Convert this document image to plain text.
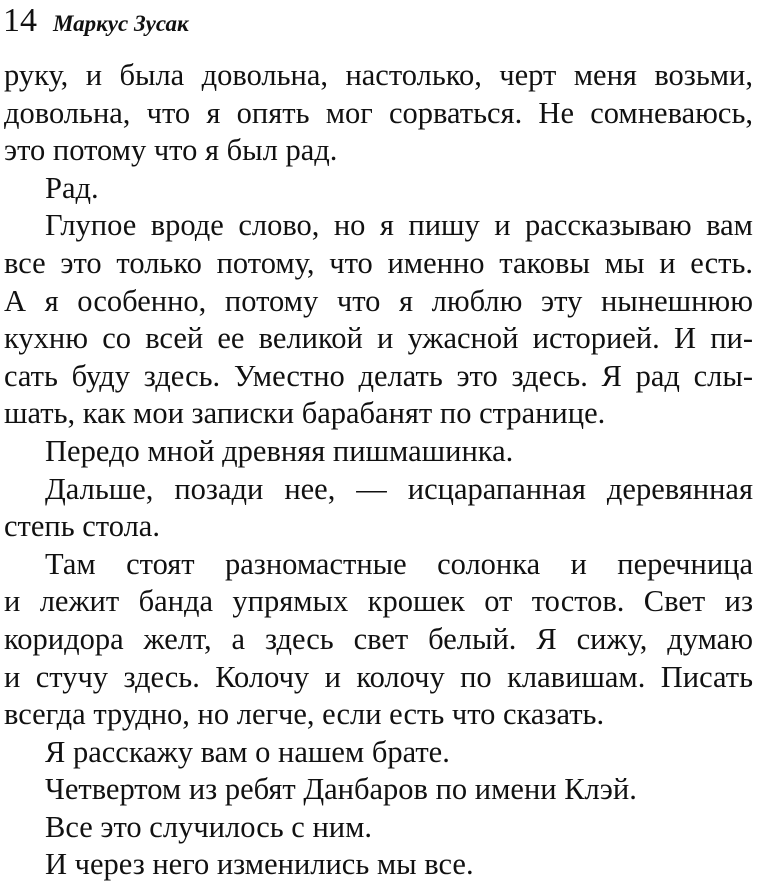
14 Маркус Зусак
руку, и была довольна, настолько, черт меня возьми,
довольна, что я опять мог сорваться. Не сомневаюсь,
это потому что я был рад.
Рад.
Глупое вроде слово, но я пишу и рассказываю вам
все это только потому, что именно таковы мы и есть.
А я особенно, потому что я люблю эту нынешнюю
кухню со всей ее великой и ужасной историей. И пи-
сать буду здесь. Уместно делать это здесь. Я рад слы-
шать, как мои записки барабанят по странице.
Передо мной древняя пишмашинка.
Дальше, позади нее, — исцарапанная деревянная
степь стола.
Там стоят разномастные солонка и перечница
и лежит банда упрямых крошек от тостов. Свет из
коридора желт, а здесь свет белый. Я сижу, думаю
и стучу здесь. Колочу и колочу по клавишам. Писать
всегда трудно, но легче, если есть что сказать.
Я расскажу вам о нашем брате.
Четвертом из ребят Данбаров по имени Клэй.
Все это случилось с ним.
И через него изменились мы все.
